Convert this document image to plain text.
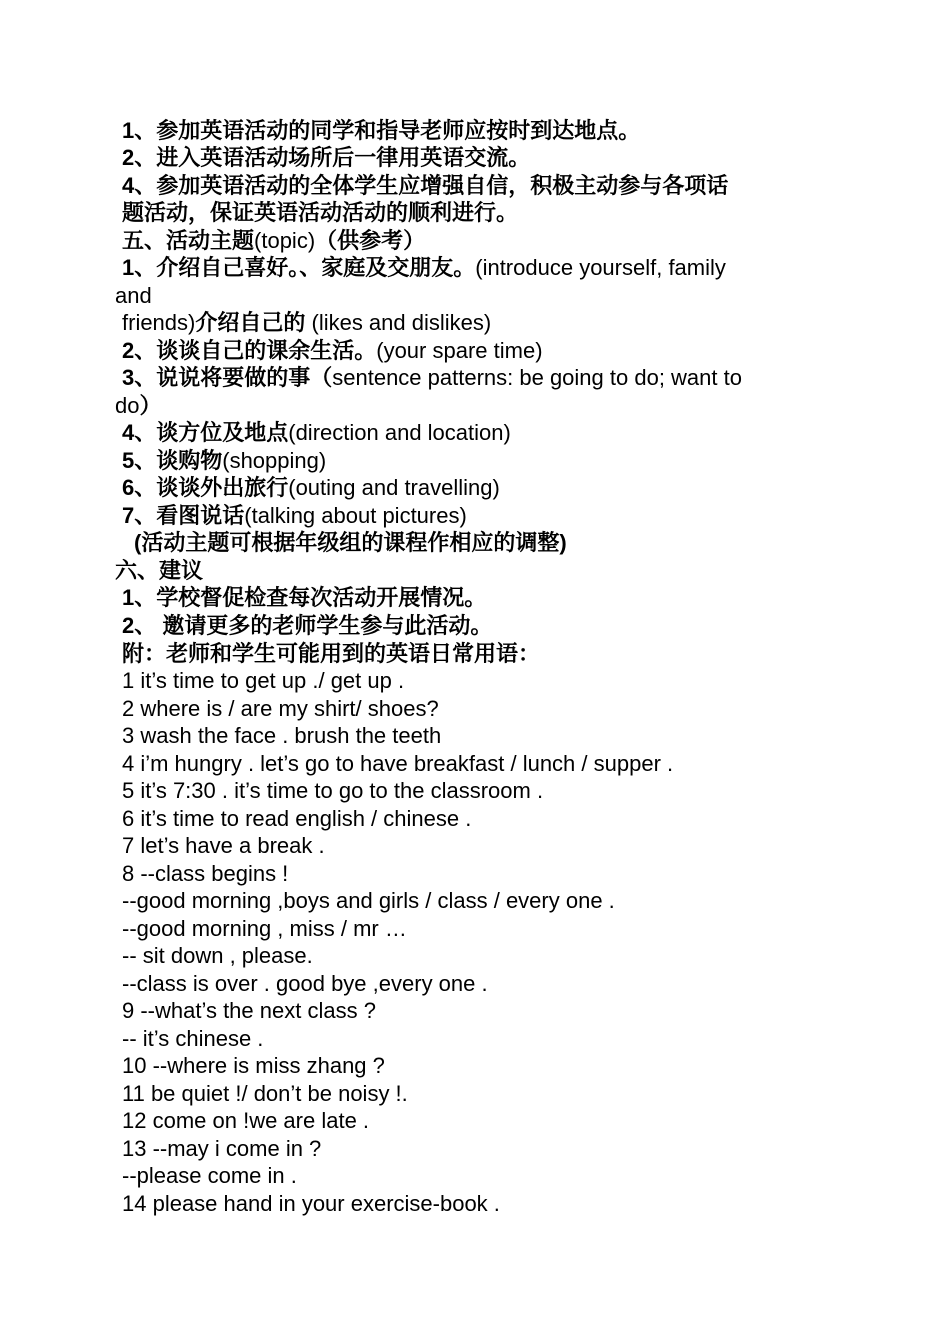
1、参加英语活动的同学和指导老师应按时到达地点。
2、进入英语活动场所后一律用英语交流。
4、参加英语活动的全体学生应增强自信，积极主动参与各项话
题活动，保证英语活动活动的顺利进行。
五、活动主题(topic)（供参考）
1、介绍自己喜好。、家庭及交朋友。(introduce yourself, family
and
friends)介绍自己的 (likes and dislikes)
2、谈谈自己的课余生活。(your spare time)
3、说说将要做的事（sentence patterns: be going to do; want to
do）
4、谈方位及地点(direction and location)
5、谈购物(shopping)
6、谈谈外出旅行(outing and travelling)
7、看图说话(talking about pictures)
(活动主题可根据年级组的课程作相应的调整)
六、建议
1、学校督促检查每次活动开展情况。
2、 邀请更多的老师学生参与此活动。
附：老师和学生可能用到的英语日常用语：
1 it’s time to get up ./ get up .
2 where is / are my shirt/ shoes?
3 wash the face . brush the teeth
4 i’m hungry . let’s go to have breakfast / lunch / supper .
5 it’s 7:30 . it’s time to go to the classroom .
6 it’s time to read english / chinese .
7 let’s have a break .
8 --class begins !
--good morning ,boys and girls / class / every one .
--good morning , miss / mr …
-- sit down , please.
--class is over . good bye ,every one .
9 --what’s the next class ?
-- it’s chinese .
10 --where is miss zhang ?
11 be quiet !/ don’t be noisy !.
12 come on !we are late .
13 --may i come in ?
--please come in .
14 please hand in your exercise-book .
